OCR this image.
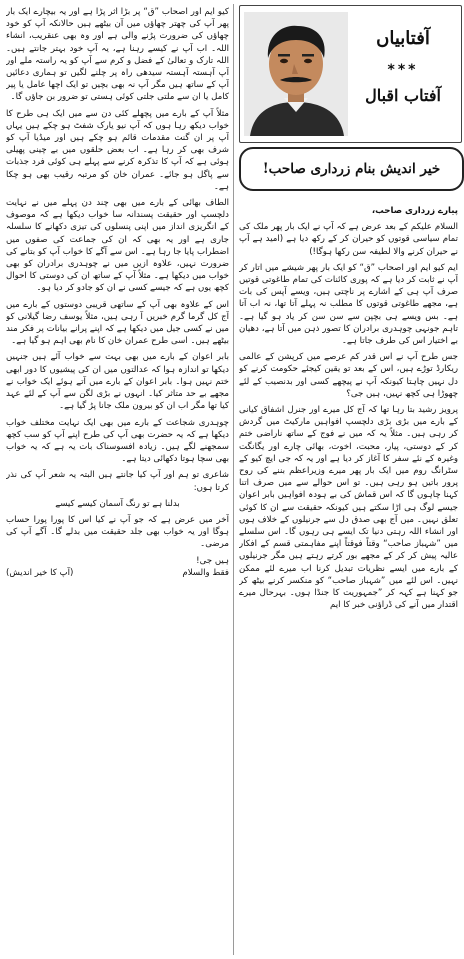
کیو ایم اور اصحاب ”ق“ پر بڑا اثر پڑا ہے اور یہ بیچارے ایک بار پھر آپ کی چھتر چھاؤں میں آن بیٹھے ہیں حالانکہ آپ کو خود چھاؤں کی ضرورت پڑنے والی ہے اور وہ بھی عنقریب، انشاء اللہ۔ اب آپ نے کیسے رہنا ہے، یہ آپ خود بہتر جانتے ہیں۔ اللہ تارک و تعالیٰ کے فضل و کرم سے آپ کو یہ راستہ ملے اور آپ آہستہ آہستہ سیدھی راہ پر چلنے لگیں تو ہماری دعائیں آپ کے ساتھ ہیں مگر آپ نہ بھی بچیں تو ایک اچھا عامل یا پیر کامل یا ان سے ملتی جلتی کوئی ہستی تو ضرور بن جاؤں گا۔

مثلاً آپ کے بارے میں پچھلے کئی دن سے میں ایک ہی طرح کا خواب دیکھ رہا ہوں کہ آپ نیو یارک شفٹ ہو چکے ہیں یہاں آپ پر ان گنت مقدمات قائم ہو چکے ہیں اور میڈیا آپ کو شرف بھی کر رہا ہے۔ اب بعض حلقوں میں بے چینی پھیلی ہوئی ہے کہ آپ کا تذکرہ کرنے سے پہلے ہی کوئی فرد جذبات سے پاگل ہو جائے۔ عمران خان کو مرتبہ رقیب بھی ہو چکا ہے۔

الطاف بھائی کے بارے میں بھی چند دن پہلے میں نے نہایت دلچسپ اور حقیقت پسندانہ سا خواب دیکھا ہے کہ موصوف کے انگریزی انداز میں اپنی پنسلوں کی تیزی دکھانے کا سلسلہ جاری ہے اور یہ بھی کہ ان کی جماعت کی صفوں میں اضطراب پایا جا رہا ہے۔ اس سے آگے کا خواب آپ کو بتانے کی ضرورت نہیں، علاوہ ازیں میں نے چوہدری برادران کو بھی خواب میں دیکھا ہے۔ مثلاً آپ کے ساتھ ان کی دوستی کا احوال کچھ یوں ہے کہ جیسے کسی نے ان کو جادو کر دیا ہو۔

اس کے علاوہ بھی آپ کے ساتھی قریبی دوستوں کے بارے میں آج کل گرما گرم خبریں آ رہی ہیں، مثلاً یوسف رضا گیلانی کو میں نے کسی جیل میں دیکھا ہے کہ اپنے پرانے بیانات پر فکر مند بیٹھے ہیں۔ اسی طرح عمران خان کا نام بھی اہم ہو گیا ہے۔

بابر اعوان کے بارے میں بھی بہت سے خواب آئے ہیں جنہیں دیکھا تو اندازہ ہوا کہ عدالتوں میں ان کی پیشیوں کا دور ابھی ختم نہیں ہوا۔ بابر اعوان کے بارے میں آتے ہوئے ایک خواب نے مجھے بے حد متاثر کیا۔ انہوں نے بڑی لگن سے آپ کے لئے عہد کیا تھا مگر اب ان کو بیرون ملک جانا پڑ گیا ہے۔

چوہدری شجاعت کے بارے میں بھی ایک نہایت مختلف خواب دیکھا ہے کہ یہ حضرت بھی آپ کی طرح اپنے آپ کو سب کچھ سمجھنے لگے ہیں۔ زیادہ افسوسناک بات یہ ہے کہ یہ خواب بھی سچا ہوتا دکھائی دیتا ہے۔

شاعری تو ہم اور آپ کیا جانتے ہیں البتہ یہ شعر آپ کی نذر کرتا ہوں:

بدلنا ہے تو رنگ آسمان کیسے کیسے

آخر میں عرض ہے کہ جو آپ نے کیا اس کا پورا پورا حساب ہوگا اور یہ خواب بھی جلد حقیقت میں بدلے گا۔ آگے آپ کی مرضی۔

ہیں جی!
فقط والسلام
(آپ کا خیر اندیش)
آفتابیاں
***
آفتاب اقبال
خیر اندیش بنام زرداری صاحب!

پیارے زرداری صاحب،

السلام علیکم کے بعد عرض ہے کہ آپ نے ایک بار پھر ملک کی تمام سیاسی قوتوں کو حیران کر کے رکھ دیا ہے (امید ہے آپ نے حیران کرنے والا لطیفہ سن رکھا ہوگا!)

ایم کیو ایم اور اصحاب ”ق“ کو ایک بار پھر شیشے میں اتار کر آپ نے ثابت کر دیا ہے کہ پوری کائنات کی تمام طاغوتی قوتیں صرف آپ ہی کے اشارے پر ناچتی ہیں، ویسے آپس کی بات ہے، مجھے طاغوتی قوتوں کا مطلب نہ پہلے آتا تھا، نہ اب آتا ہے۔ بس ویسے ہی بچپن سے سن سن کر یاد ہو گیا ہے۔ تاہم جونہی چوہدری برادران کا تصور ذہن میں آتا ہے، دھیان بے اختیار اس کی طرف جاتا ہے۔

جس طرح آپ نے اس قدر کم عرصے میں کرپشن کے عالمی ریکارڈ توڑے ہیں، اس کے بعد تو یقین کیجئے حکومت کرنے کو دل نہیں چاہتا کیونکہ آپ نے پیچھے کسی اور بدنصیب کے لئے چھوڑا ہی کچھ نہیں، ہیں جی؟

پرویز رشید بتا رہا تھا کہ آج کل میرے اور جنرل اشفاق کیانی کے بارے میں بڑی بڑی دلچسپ افواہیں مارکیٹ میں گردش کر رہی ہیں۔ مثلاً یہ کہ میں نے فوج کے ساتھ ناراضی ختم کر کے دوستی، پیار، محبت، اخوت، بھائی چارے اور یگانگت وغیرہ کے نئے سفر کا آغاز کر دیا ہے اور یہ کہ جی ایچ کیو کے سٹرانگ روم میں ایک بار پھر میرے وزیراعظم بننے کی روح پرور باتیں ہو رہی ہیں۔ تو اس حوالے سے میں صرف اتنا کہنا چاہوں گا کہ اس قماش کی بے ہودہ افواہیں بابر اعوان جیسے لوگ ہی اڑا سکتے ہیں کیونکہ حقیقت سے ان کا کوئی تعلق نہیں۔ میں آج بھی صدق دل سے جرنیلوں کے خلاف ہوں اور انشاء اللہ رہتی دنیا تک ایسے ہی رہوں گا۔ اس سلسلے میں ”شہباز صاحب“ وقتاً فوقتاً اپنے مفاہمتی قسم کے افکار عالیہ پیش کر کر کے مجھے بور کرتے رہتے ہیں مگر جرنیلوں کے بارے میں ایسے نظریات تبدیل کرنا اب میرے لئے ممکن نہیں۔ اس لئے میں ”شہباز صاحب“ کو منکسر کرنے بیٹھ کر جو کہنا ہے کہہ کر ”جمہوریت کا جنڈا ہوں۔ بہرحال میرے اقتدار میں آنے کی ڈراؤنی خبر کا ایم
